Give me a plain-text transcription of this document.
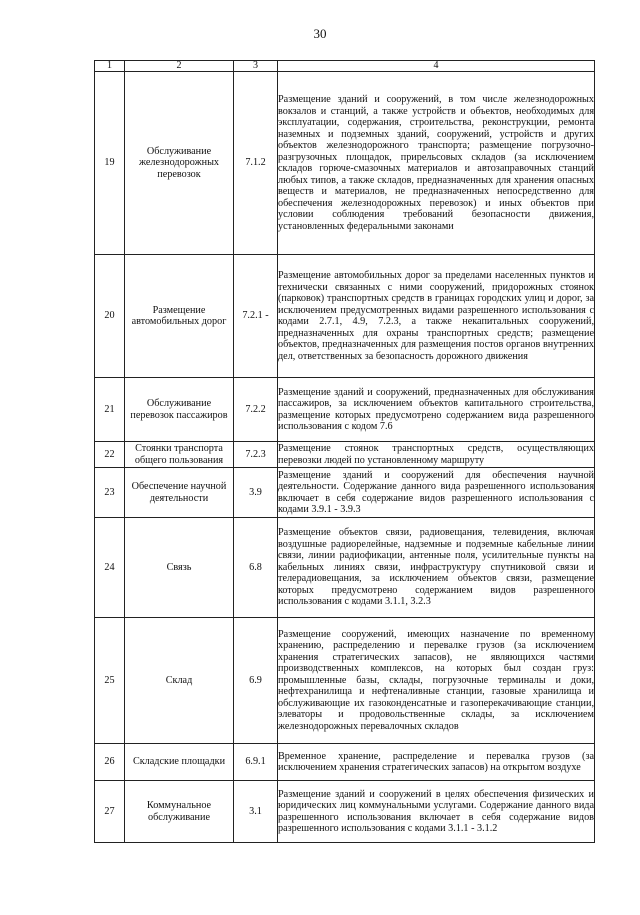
30
1	2	3	4
19	Обслуживание железнодорожных перевозок	7.1.2	Размещение зданий и сооружений, в том числе железнодорожных вокзалов и станций, а также устройств и объектов, необходимых для эксплуатации, содержания, строительства, реконструкции, ремонта наземных и подземных зданий, сооружений, устройств и других объектов железнодорожного транспорта; размещение погрузочно-разгрузочных площадок, прирельсовых складов (за исключением складов горюче-смазочных материалов и автозаправочных станций любых типов, а также складов, предназначенных для хранения опасных веществ и материалов, не предназначенных непосредственно для обеспечения железнодорожных перевозок) и иных объектов при условии соблюдения требований безопасности движения, установленных федеральными законами
20	Размещение автомобильных дорог	7.2.1 -	Размещение автомобильных дорог за пределами населенных пунктов и технически связанных с ними сооружений, придорожных стоянок (парковок) транспортных средств в границах городских улиц и дорог, за исключением предусмотренных видами разрешенного использования с кодами 2.7.1, 4.9, 7.2.3, а также некапитальных сооружений, предназначенных для охраны транспортных средств; размещение объектов, предназначенных для размещения постов органов внутренних дел, ответственных за безопасность дорожного движения
21	Обслуживание перевозок пассажиров	7.2.2	Размещение зданий и сооружений, предназначенных для обслуживания пассажиров, за исключением объектов капитального строительства, размещение которых предусмотрено содержанием вида разрешенного использования с кодом 7.6
22	Стоянки транспорта общего пользования	7.2.3	Размещение стоянок транспортных средств, осуществляющих перевозки людей по установленному маршруту
23	Обеспечение научной деятельности	3.9	Размещение зданий и сооружений для обеспечения научной деятельности. Содержание данного вида разрешенного использования включает в себя содержание видов разрешенного использования с кодами 3.9.1 - 3.9.3
24	Связь	6.8	Размещение объектов связи, радиовещания, телевидения, включая воздушные радиорелейные, надземные и подземные кабельные линии связи, линии радиофикации, антенные поля, усилительные пункты на кабельных линиях связи, инфраструктуру спутниковой связи и телерадиовещания, за исключением объектов связи, размещение которых предусмотрено содержанием видов разрешенного использования с кодами 3.1.1, 3.2.3
25	Склад	6.9	Размещение сооружений, имеющих назначение по временному хранению, распределению и перевалке грузов (за исключением хранения стратегических запасов), не являющихся частями производственных комплексов, на которых был создан груз: промышленные базы, склады, погрузочные терминалы и доки, нефтехранилища и нефтеналивные станции, газовые хранилища и обслуживающие их газоконденсатные и газоперекачивающие станции, элеваторы и продовольственные склады, за исключением железнодорожных перевалочных складов
26	Складские площадки	6.9.1	Временное хранение, распределение и перевалка грузов (за исключением хранения стратегических запасов) на открытом воздухе
27	Коммунальное обслуживание	3.1	Размещение зданий и сооружений в целях обеспечения физических и юридических лиц коммунальными услугами. Содержание данного вида разрешенного использования включает в себя содержание видов разрешенного использования с кодами 3.1.1 - 3.1.2
